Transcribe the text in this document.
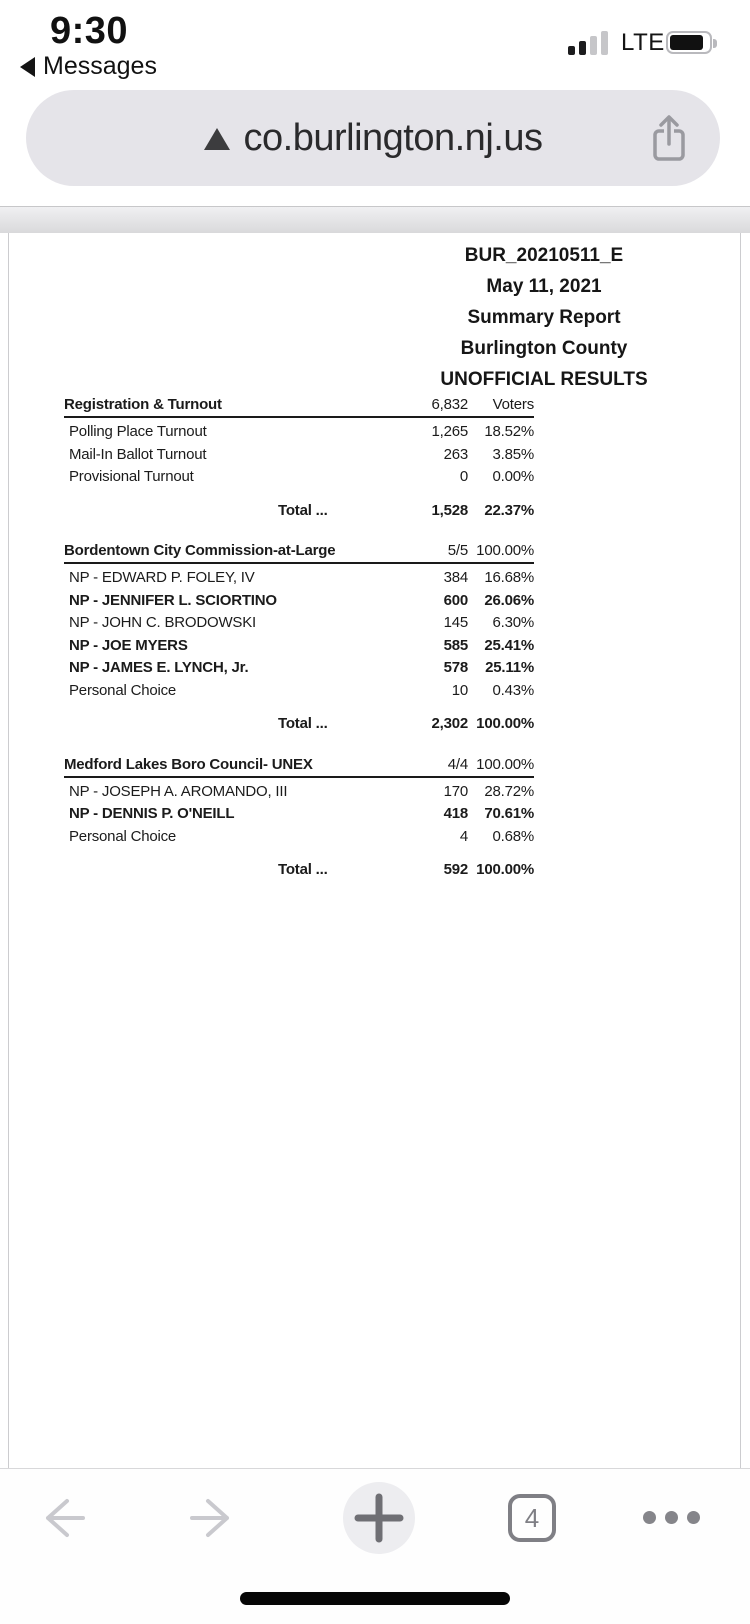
9:30
Messages
LTE
co.burlington.nj.us
BUR_20210511_E
May 11, 2021
Summary Report
Burlington County
UNOFFICIAL RESULTS
Registration & Turnout	6,832	Voters
Polling Place Turnout	1,265	18.52%
Mail-In Ballot Turnout	263	3.85%
Provisional Turnout	0	0.00%
Total ...	1,528	22.37%
Bordentown City Commission-at-Large	5/5 100.00%
NP - EDWARD P. FOLEY, IV	384	16.68%
NP - JENNIFER L. SCIORTINO	600	26.06%
NP - JOHN C. BRODOWSKI	145	6.30%
NP - JOE MYERS	585	25.41%
NP - JAMES E. LYNCH, Jr.	578	25.11%
Personal Choice	10	0.43%
Total ...	2,302 100.00%
Medford Lakes Boro Council- UNEX	4/4 100.00%
NP - JOSEPH A. AROMANDO, III	170	28.72%
NP - DENNIS P. O'NEILL	418	70.61%
Personal Choice	4	0.68%
Total ...	592 100.00%
4
